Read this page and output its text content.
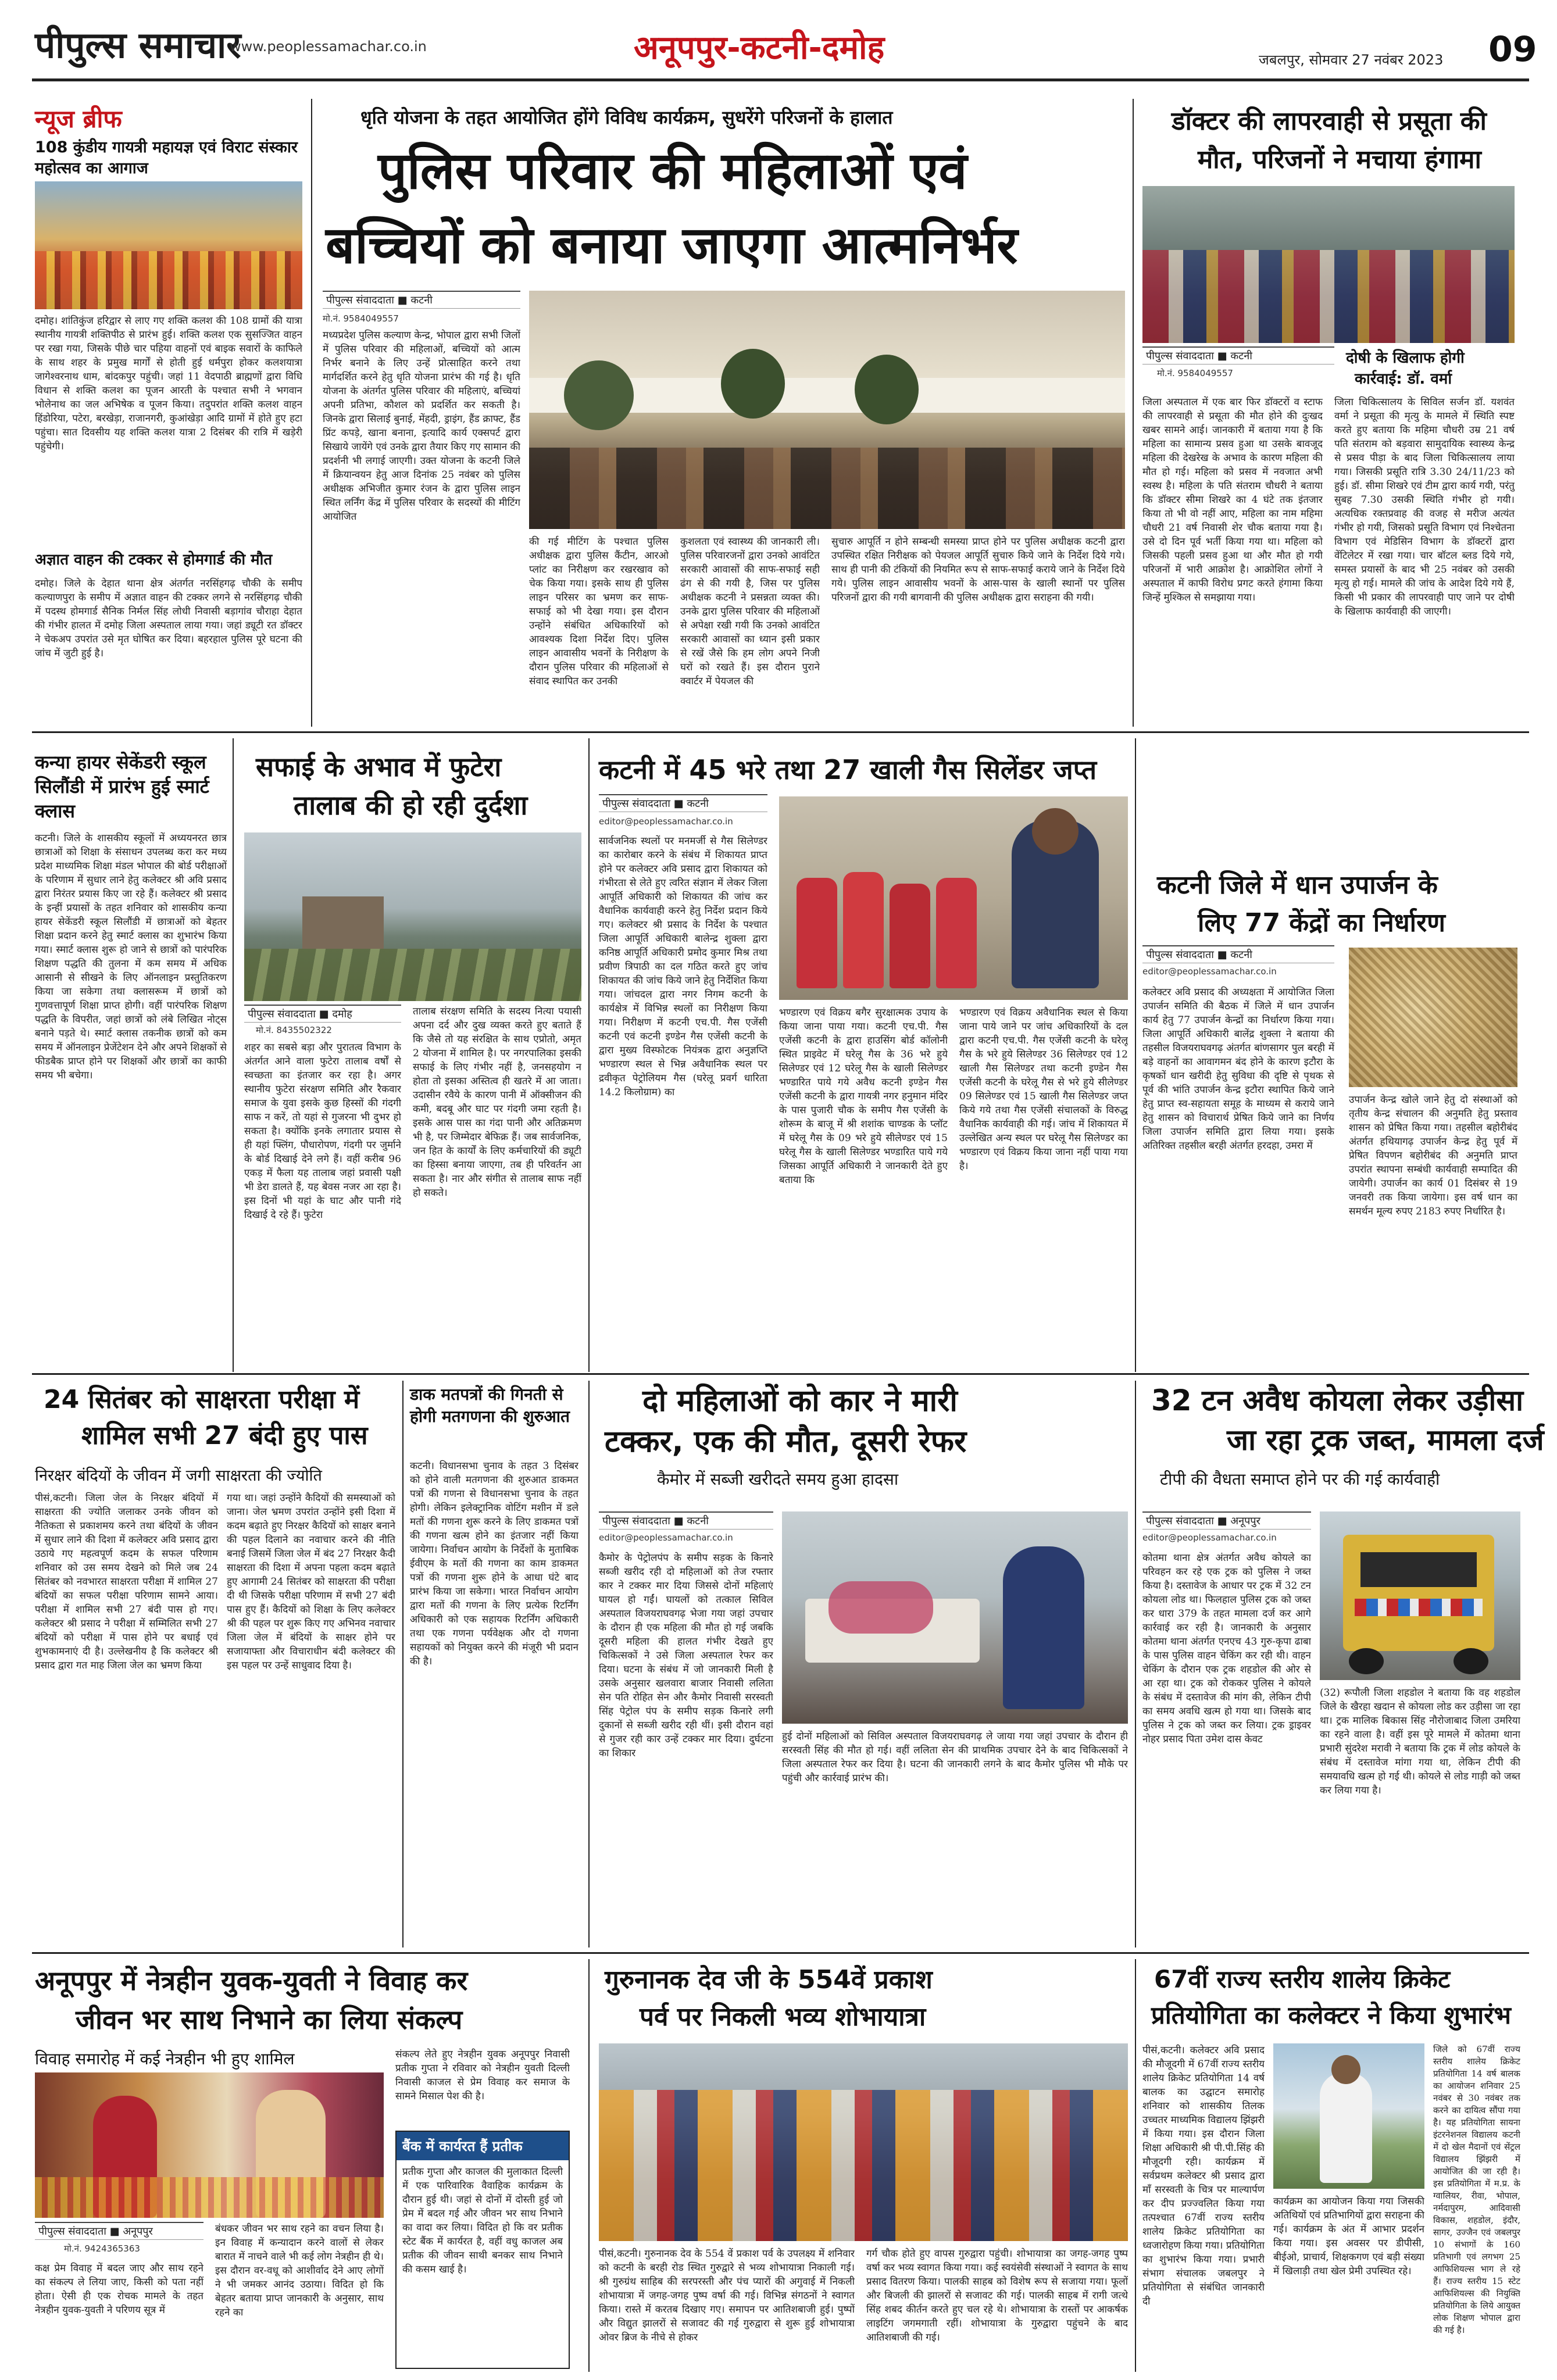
पीपुल्स समाचार
www.peoplessamachar.co.in	अनूपपुर-कटनी-दमोह	जबलपुर, सोमवार 27 नवंबर 2023 09
न्यूज ब्रीफ
108 कुंडीय गायत्री महायज्ञ एवं विराट संस्कार महोत्सव का आगाज
दमोह। शांतिकुंज हरिद्वार से लाए गए शक्ति कलश की 108 ग्रामों की यात्रा स्थानीय गायत्री शक्तिपीठ से प्रारंभ हुई। शक्ति कलश एक सुसज्जित वाहन पर रखा गया, जिसके पीछे चार पहिया वाहनों एवं बाइक सवारों के काफिले के साथ शहर के प्रमुख मार्गों से होती हुई धर्मपुरा होकर कलशयात्रा जागेश्वरनाथ धाम, बांदकपुर पहुंची। जहां 11 वेदपाठी ब्राह्मणों द्वारा विधि विधान से शक्ति कलश का पूजन आरती के पश्चात सभी ने भगवान भोलेनाथ का जल अभिषेक व पूजन किया। तदुपरांत शक्ति कलश वाहन हिंडोरिया, पटेरा, बरखेड़ा, राजानगरी, कुआंखेड़ा आदि ग्रामों में होते हुए हटा पहुंचा। सात दिवसीय यह शक्ति कलश यात्रा 2 दिसंबर की रात्रि में खड़ेरी पहुंचेगी।
अज्ञात वाहन की टक्कर से होमगार्ड की मौत
दमोह। जिले के देहात थाना क्षेत्र अंतर्गत नरसिंहगढ़ चौकी के समीप कल्याणपुरा के समीप में अज्ञात वाहन की टक्कर लगने से नरसिंहगढ़ चौकी में पदस्थ होमगार्ड सैनिक निर्मल सिंह लोधी निवासी बड़ागांव चौराहा देहात की गंभीर हालत में दमोह जिला अस्पताल लाया गया। जहां ड्यूटी रत डॉक्टर ने चेकअप उपरांत उसे मृत घोषित कर दिया। बहरहाल पुलिस पूरे घटना की जांच में जुटी हुई है।
धृति योजना के तहत आयोजित होंगे विविध कार्यक्रम, सुधरेंगे परिजनों के हालात
पुलिस परिवार की महिलाओं एवं
बच्चियों को बनाया जाएगा आत्मनिर्भर
पीपुल्स संवाददाता ■ कटनी
मो.नं. 9584049557
मध्यप्रदेश पुलिस कल्याण केन्द्र, भोपाल द्वारा सभी जिलों में पुलिस परिवार की महिलाओं, बच्चियों को आत्म निर्भर बनाने के लिए उन्हें प्रोत्साहित करने तथा मार्गदर्शित करने हेतु धृति योजना प्रारंभ की गई है। धृति योजना के अंतर्गत पुलिस परिवार की महिलाएं, बच्चियां अपनी प्रतिभा, कौशल को प्रदर्शित कर सकती है। जिनके द्वारा सिलाई बुनाई, मेंहदी, ड्राइंग, हैंड क्राफ्ट, हैंड प्रिंट कपड़े, खाना बनाना, इत्यादि कार्य एक्सपर्ट द्वारा सिखाये जायेंगे एवं उनके द्वारा तैयार किए गए सामान की प्रदर्शनी भी लगाई जाएगी। उक्त योजना के कटनी जिले में क्रियान्वयन हेतु आज दिनांक 25 नवंबर को पुलिस अधीक्षक अभिजीत कुमार रंजन के द्वारा पुलिस लाइन स्थित लर्निंग केंद्र में पुलिस परिवार के सदस्यों की मीटिंग आयोजित
की गई मीटिंग के पश्चात पुलिस अधीक्षक द्वारा पुलिस कैंटीन, आरओ प्लांट का निरीक्षण कर रखरखाव को चेक किया गया। इसके साथ ही पुलिस लाइन परिसर का भ्रमण कर साफ-सफाई को भी देखा गया। इस दौरान उन्होंने संबंधित अधिकारियों को आवश्यक दिशा निर्देश दिए। पुलिस लाइन आवासीय भवनों के निरीक्षण के दौरान पुलिस परिवार की महिलाओं से संवाद स्थापित कर उनकी
कुशलता एवं स्वास्थ्य की जानकारी ली। पुलिस परिवारजनों द्वारा उनको आवंटित सरकारी आवासों की साफ-सफाई सही ढंग से की गयी है, जिस पर पुलिस अधीक्षक कटनी ने प्रसन्नता व्यक्त की। उनके द्वारा पुलिस परिवार की महिलाओं से अपेक्षा रखी गयी कि उनको आवंटित सरकारी आवासों का ध्यान इसी प्रकार से रखें जैसे कि हम लोग अपने निजी घरों को रखते हैं। इस दौरान पुराने क्वार्टर में पेयजल की
सुचारु आपूर्ति न होने सम्बन्धी समस्या प्राप्त होने पर पुलिस अधीक्षक कटनी द्वारा उपस्थित रक्षित निरीक्षक को पेयजल आपूर्ति सुचारु किये जाने के निर्देश दिये गये। साथ ही पानी की टंकियों की नियमित रूप से साफ-सफाई कराये जाने के निर्देश दिये गये। पुलिस लाइन आवासीय भवनों के आस-पास के खाली स्थानों पर पुलिस परिजनों द्वारा की गयी बागवानी की पुलिस अधीक्षक द्वारा सराहना की गयी।
डॉक्टर की लापरवाही से प्रसूता की
मौत, परिजनों ने मचाया हंगामा
पीपुल्स संवाददाता ■ कटनी
मो.नं. 9584049557
दोषी के खिलाफ होगी
कार्रवाई: डॉ. वर्मा
जिला अस्पताल में एक बार फिर डॉक्टरों व स्टाफ की लापरवाही से प्रसूता की मौत होने की दुःखद खबर सामने आई। जानकारी में बताया गया है कि महिला का सामान्य प्रसव हुआ था उसके बावजूद महिला की देखरेख के अभाव के कारण महिला की मौत हो गई। महिला को प्रसव में नवजात अभी स्वस्थ है। महिला के पति संतराम चौधरी ने बताया कि डॉक्टर सीमा शिखरे का 4 घंटे तक इंतजार किया तो भी वो नहीं आए, महिला का नाम महिमा चौधरी 21 वर्ष निवासी शेर चौक बताया गया है। उसे दो दिन पूर्व भर्ती किया गया था। महिला को जिसकी पहली प्रसव हुआ था और मौत हो गयी परिजनों में भारी आक्रोश है। आक्रोशित लोगों ने अस्पताल में काफी विरोध प्रगट करते हंगामा किया जिन्हें मुश्किल से समझाया गया।
जिला चिकित्सालय के सिविल सर्जन डॉ. यशवंत वर्मा ने प्रसूता की मृत्यु के मामले में स्थिति स्पष्ट करते हुए बताया कि महिमा चौधरी उम्र 21 वर्ष पति संतराम को बड़वारा सामुदायिक स्वास्थ्य केन्द्र से प्रसव पीड़ा के बाद जिला चिकित्सालय लाया गया। जिसकी प्रसूति रात्रि 3.30 24/11/23 को हुई। डॉ. सीमा शिखरे एवं टीम द्वारा कार्य गयी, परंतु सुबह 7.30 उसकी स्थिति गंभीर हो गयी। अत्यधिक रक्तप्रवाह की वजह से मरीज अत्यंत गंभीर हो गयी, जिसको प्रसूति विभाग एवं निश्चेतना विभाग एवं मेडिसिन विभाग के डॉक्टरों द्वारा वेंटिलेटर में रखा गया। चार बॉटल ब्लड दिये गये, समस्त प्रयासों के बाद भी 25 नवंबर को उसकी मृत्यु हो गई। मामले की जांच के आदेश दिये गये हैं, किसी भी प्रकार की लापरवाही पाए जाने पर दोषी के खिलाफ कार्यवाही की जाएगी।
कन्या हायर सेकेंडरी स्कूल सिलौंडी में प्रारंभ हुई स्मार्ट क्लास
कटनी। जिले के शासकीय स्कूलों में अध्ययनरत छात्र छात्राओं को शिक्षा के संसाधन उपलब्ध करा कर मध्य प्रदेश माध्यमिक शिक्षा मंडल भोपाल की बोर्ड परीक्षाओं के परिणाम में सुधार लाने हेतु कलेक्टर श्री अवि प्रसाद द्वारा निरंतर प्रयास किए जा रहे हैं। कलेक्टर श्री प्रसाद के इन्हीं प्रयासों के तहत शनिवार को शासकीय कन्या हायर सेकेंडरी स्कूल सिलौंडी में छात्राओं को बेहतर शिक्षा प्रदान करने हेतु स्मार्ट क्लास का शुभारंभ किया गया। स्मार्ट क्लास शुरू हो जाने से छात्रों को पारंपरिक शिक्षण पद्धति की तुलना में कम समय में अधिक आसानी से सीखने के लिए ऑनलाइन प्रस्तुतिकरण किया जा सकेगा तथा क्लासरूम में छात्रों को गुणवत्तापूर्ण शिक्षा प्राप्त होगी। वहीं पारंपरिक शिक्षण पद्धति के विपरीत, जहां छात्रों को लंबे लिखित नोट्स बनाने पड़ते थे। स्मार्ट क्लास तकनीक छात्रों को कम समय में ऑनलाइन प्रेजेंटेशन देने और अपने शिक्षकों से फीडबैक प्राप्त होने पर शिक्षकों और छात्रों का काफी समय भी बचेगा।
सफाई के अभाव में फुटेरा
तालाब की हो रही दुर्दशा
पीपुल्स संवाददाता ■ दमोह
मो.नं. 8435502322
शहर का सबसे बड़ा और पुरातत्व विभाग के अंतर्गत आने वाला फुटेरा तालाब वर्षों से स्वच्छता का इंतजार कर रहा है। अगर स्थानीय फुटेरा संरक्षण समिति और रैकवार समाज के युवा इसके कुछ हिस्सों की गंदगी साफ न करें, तो यहां से गुजरना भी दुभर हो सकता है। क्योंकि इनके लगातार प्रयास से ही यहां फ्लिंग, पौधारोपण, गंदगी पर जुर्माने के बोर्ड दिखाई देने लगे हैं। वहीं करीब 96 एकड़ में फैला यह तालाब जहां प्रवासी पक्षी भी डेरा डालते हैं, यह बेवस नजर आ रहा है। इस दिनों भी यहां के घाट और पानी गंदे दिखाई दे रहे हैं। फुटेरा
तालाब संरक्षण समिति के सदस्य नित्या पयासी अपना दर्द और दुख व्यक्त करते हुए बताते हैं कि जैसे तो यह संरक्षित के साथ एप्रोतो, अमृत 2 योजना में शामिल है। पर नगरपालिका इसकी सफाई के लिए गंभीर नहीं है, जनसहयोग न होता तो इसका अस्तित्व ही खतरे में आ जाता। उदासीन रवैये के कारण पानी में ऑक्सीजन की कमी, बदबू और घाट पर गंदगी जमा रहती है। इसके आस पास का गंदा पानी और अतिक्रमण भी है, पर जिम्मेदार बेफिक्र हैं। जब सार्वजनिक, जन हित के कार्यों के लिए कर्मचारियों की ड्यूटी का हिस्सा बनाया जाएगा, तब ही परिवर्तन आ सकता है। नार और संगीत से तालाब साफ नहीं हो सकते।
कटनी में 45 भरे तथा 27 खाली गैस सिलेंडर जप्त
पीपुल्स संवाददाता ■ कटनी
editor@peoplessamachar.co.in
सार्वजनिक स्थलों पर मनमर्जी से गैस सिलेण्डर का कारोबार करने के संबंध में शिकायत प्राप्त होने पर कलेक्टर अवि प्रसाद द्वारा शिकायत को गंभीरता से लेते हुए त्वरित संज्ञान में लेकर जिला आपूर्ति अधिकारी को शिकायत की जांच कर वैधानिक कार्यवाही करने हेतु निर्देश प्रदान किये गए। कलेक्टर श्री प्रसाद के निर्देश के पश्चात जिला आपूर्ति अधिकारी बालेन्द्र शुक्ला द्वारा कनिष्ठ आपूर्ति अधिकारी प्रमोद कुमार मिश्र तथा प्रवीण त्रिपाठी का दल गठित करते हुए जांच शिकायत की जांच किये जाने हेतु निर्देशित किया गया। जांचदल द्वारा नगर निगम कटनी के कार्यक्षेत्र में विभिन्न स्थलों का निरीक्षण किया गया। निरीक्षण में कटनी एच.पी. गैस एजेंसी कटनी एवं कटनी इण्डेन गैस एजेंसी कटनी के द्वारा मुख्य विस्फोटक नियंत्रक द्वारा अनुज्ञप्ति भण्डारण स्थल से भिन्न अवैधानिक स्थल पर द्रवीकृत पेट्रोलियम गैस (घरेलू प्रवर्ग धारिता 14.2 किलोग्राम) का
भण्डारण एवं विक्रय बगैर सुरक्षात्मक उपाय के किया जाना पाया गया। कटनी एच.पी. गैस एजेंसी कटनी के द्वारा हाउसिंग बोर्ड कॉलोनी स्थित प्राइवेट में घरेलू गैस के 36 भरे हुये सिलेण्डर एवं 12 घरेलू गैस के खाली सिलेण्डर भण्डारित पाये गये अवैध कटनी इण्डेन गैस एजेंसी कटनी के द्वारा गायत्री नगर हनुमान मंदिर के पास पुजारी चौक के समीप गैस एजेंसी के शोरूम के बाजू में श्री शशांक चाण्डक के प्लॉट में घरेलू गैस के 09 भरे हुये सीलेण्डर एवं 15 घरेलू गैस के खाली सिलेण्डर भण्डारित पाये गये जिसका आपूर्ति अधिकारी ने जानकारी देते हुए बताया कि
भण्डारण एवं विक्रय अवैधानिक स्थल से किया जाना पाये जाने पर जांच अधिकारियों के दल द्वारा कटनी एच.पी. गैस एजेंसी कटनी के घरेलू गैस के भरे हुये सिलेण्डर 36 सिलेण्डर एवं 12 खाली गैस सिलेण्डर तथा कटनी इण्डेन गैस एजेंसी कटनी के घरेलू गैस से भरे हुये सीलेण्डर 09 सिलेण्डर एवं 15 खाली गैस सिलेण्डर जप्त किये गये तथा गैस एजेंसी संचालकों के विरुद्ध वैधानिक कार्यवाही की गई। जांच में शिकायत में उल्लेखित अन्य स्थल पर घरेलू गैस सिलेण्डर का भण्डारण एवं विक्रय किया जाना नहीं पाया गया है।
कटनी जिले में धान उपार्जन के
लिए 77 केंद्रों का निर्धारण
पीपुल्स संवाददाता ■ कटनी
editor@peoplessamachar.co.in
कलेक्टर अवि प्रसाद की अध्यक्षता में आयोजित जिला उपार्जन समिति की बैठक में जिले में धान उपार्जन कार्य हेतु 77 उपार्जन केन्द्रों का निर्धारण किया गया। जिला आपूर्ति अधिकारी बालेंद्र शुक्ला ने बताया की तहसील विजयराघवगढ़ अंतर्गत बांणसागर पुल बरही में बड़े वाहनों का आवागमन बंद होने के कारण इटौरा के कृषकों धान खरीदी हेतु सुविधा की दृष्टि से पृथक से पूर्व की भांति उपार्जन केन्द्र इटौरा स्थापित किये जाने हेतु प्राप्त स्व-सहायता समूह के माध्यम से कराये जाने हेतु शासन को विचारार्थ प्रेषित किये जाने का निर्णय जिला उपार्जन समिति द्वारा लिया गया। इसके अतिरिक्त तहसील बरही अंतर्गत हरदहा, उमरा में
उपार्जन केन्द्र खोले जाने हेतु दो संस्थाओं को तृतीय केन्द्र संचालन की अनुमति हेतु प्रस्ताव शासन को प्रेषित किया गया। तहसील बहोरीबंद अंतर्गत हथियागढ़ उपार्जन केन्द्र हेतु पूर्व में प्रेषित विपणन बहोरीबंद की अनुमति प्राप्त उपरांत स्थापना सम्बंधी कार्यवाही सम्पादित की जायेगी। उपार्जन का कार्य 01 दिसंबर से 19 जनवरी तक किया जायेगा। इस वर्ष धान का समर्थन मूल्य रुपए 2183 रुपए निर्धारित है।
24 सितंबर को साक्षरता परीक्षा में
शामिल सभी 27 बंदी हुए पास
निरक्षर बंदियों के जीवन में जगी साक्षरता की ज्योति
पीसं,कटनी। जिला जेल के निरक्षर बंदियों में साक्षरता की ज्योति जलाकर उनके जीवन को नैतिकता से प्रकाशमय करने तथा बंदियों के जीवन में सुधार लाने की दिशा में कलेक्टर अवि प्रसाद द्वारा उठाये गए महत्वपूर्ण कदम के सफल परिणाम शनिवार को उस समय देखने को मिले जब 24 सितंबर को नवभारत साक्षरता परीक्षा में शामिल 27 बंदियों का सफल परीक्षा परिणाम सामने आया। परीक्षा में शामिल सभी 27 बंदी पास हो गए। कलेक्टर श्री प्रसाद ने परीक्षा में सम्मिलित सभी 27 बंदियों को परीक्षा में पास होने पर बधाई एवं शुभकामनाएं दी है। उल्लेखनीय है कि कलेक्टर श्री प्रसाद द्वारा गत माह जिला जेल का भ्रमण किया
गया था। जहां उन्होंने कैदियों की समस्याओं को जाना। जेल भ्रमण उपरांत उन्होंने इसी दिशा में कदम बढ़ाते हुए निरक्षर कैदियों को साक्षर बनाने की पहल दिलाने का नवाचार करने की नीति बनाई जिसमें जिला जेल में बंद 27 निरक्षर कैदी साक्षरता की दिशा में अपना पहला कदम बढ़ाते हुए आगामी 24 सितंबर को साक्षरता की परीक्षा दी थी जिसके परीक्षा परिणाम में सभी 27 बंदी पास हुए हैं। कैदियों को शिक्षा के लिए कलेक्टर श्री की पहल पर शुरू किए गए अभिनव नवाचार जिला जेल में बंदियों के साक्षर होने पर सजायाफ्ता और विचाराधीन बंदी कलेक्टर की इस पहल पर उन्हें साधुवाद दिया है।
डाक मतपत्रों की गिनती से होगी मतगणना की शुरुआत
कटनी। विधानसभा चुनाव के तहत 3 दिसंबर को होने वाली मतगणना की शुरुआत डाकमत पत्रों की गणना से विधानसभा चुनाव के तहत होगी। लेकिन इलेक्ट्रानिक वोटिंग मशीन में डले मतों की गणना शुरू करने के लिए डाकमत पत्रों की गणना खत्म होने का इंतजार नहीं किया जायेगा। निर्वाचन आयोग के निर्देशों के मुताबिक ईवीएम के मतों की गणना का काम डाकमत पत्रों की गणना शुरू होने के आधा घंटे बाद प्रारंभ किया जा सकेगा। भारत निर्वाचन आयोग द्वारा मतों की गणना के लिए प्रत्येक रिटर्निंग अधिकारी को एक सहायक रिटर्निंग अधिकारी तथा एक गणना पर्यवेक्षक और दो गणना सहायकों को नियुक्त करने की मंजूरी भी प्रदान की है।
दो महिलाओं को कार ने मारी
टक्कर, एक की मौत, दूसरी रेफर
कैमोर में सब्जी खरीदते समय हुआ हादसा
पीपुल्स संवाददाता ■ कटनी
editor@peoplessamachar.co.in
कैमोर के पेट्रोलपंप के समीप सड़क के किनारे सब्जी खरीद रही दो महिलाओं को तेज रफ्तार कार ने टक्कर मार दिया जिससे दोनों महिलाएं घायल हो गईं। घायलों को तत्काल सिविल अस्पताल विजयराघवगढ़ भेजा गया जहां उपचार के दौरान ही एक महिला की मौत हो गई जबकि दूसरी महिला की हालत गंभीर देखते हुए चिकित्सकों ने उसे जिला अस्पताल रेफर कर दिया। घटना के संबंध में जो जानकारी मिली है उसके अनुसार खलवारा बाजार निवासी ललिता सेन पति रोहित सेन और कैमोर निवासी सरस्वती सिंह पेट्रोल पंप के समीप सड़क किनारे लगी दुकानों से सब्जी खरीद रही थीं। इसी दौरान वहां से गुजर रही कार उन्हें टक्कर मार दिया। दुर्घटना का शिकार
हुई दोनों महिलाओं को सिविल अस्पताल विजयराघवगढ़ ले जाया गया जहां उपचार के दौरान ही सरस्वती सिंह की मौत हो गई। वहीं ललिता सेन की प्राथमिक उपचार देने के बाद चिकित्सकों ने जिला अस्पताल रेफर कर दिया है। घटना की जानकारी लगने के बाद कैमोर पुलिस भी मौके पर पहुंची और कार्रवाई प्रारंभ की।
32 टन अवैध कोयला लेकर उड़ीसा
जा रहा ट्रक जब्त, मामला दर्ज
टीपी की वैधता समाप्त होने पर की गई कार्यवाही
पीपुल्स संवाददाता ■ अनूपपुर
editor@peoplessamachar.co.in
कोतमा थाना क्षेत्र अंतर्गत अवैध कोयले का परिवहन कर रहे एक ट्रक को पुलिस ने जब्त किया है। दस्तावेज के आधार पर ट्रक में 32 टन कोयला लोड था। फिलहाल पुलिस ट्रक को जब्त कर धारा 379 के तहत मामला दर्ज कर आगे कार्रवाई कर रही है। जानकारी के अनुसार कोतमा थाना अंतर्गत एनएच 43 गुरु-कृपा ढाबा के पास पुलिस वाहन चेकिंग कर रही थी। वाहन चेकिंग के दौरान एक ट्रक शहडोल की ओर से आ रहा था। ट्रक को रोककर पुलिस ने कोयले के संबंध में दस्तावेज की मांग की, लेकिन टीपी का समय अवधि खत्म हो गया था। जिसके बाद पुलिस ने ट्रक को जब्त कर लिया। ट्रक ड्राइवर नोहर प्रसाद पिता उमेश दास केवट
(32) रूपौली जिला शहडोल ने बताया कि वह शहडोल जिले के खैरहा खदान से कोयला लोड कर उड़ीसा जा रहा था। ट्रक मालिक बिकास सिंह नौरोजाबाद जिला उमरिया का रहने वाला है। वहीं इस पूरे मामले में कोतमा थाना प्रभारी सुंदरेश मरावी ने बताया कि ट्रक में लोड कोयले के संबंध में दस्तावेज मांगा गया था, लेकिन टीपी की समयावधि खत्म हो गई थी। कोयले से लोड गाड़ी को जब्त कर लिया गया है।
अनूपपुर में नेत्रहीन युवक-युवती ने विवाह कर
जीवन भर साथ निभाने का लिया संकल्प
विवाह समारोह में कई नेत्रहीन भी हुए शामिल
पीपुल्स संवाददाता ■ अनूपपुर
मो.नं. 9424365363
कक्ष प्रेम विवाह में बदल जाए और साथ रहने का संकल्प ले लिया जाए, किसी को पता नहीं होता। ऐसी ही एक रोचक मामले के तहत नेत्रहीन युवक-युवती ने परिणय सूत्र में
बंधकर जीवन भर साथ रहने का वचन लिया है। इन विवाह में कन्यादान करने वालों से लेकर बारात में नाचने वाले भी कई लोग नेत्रहीन ही थे। इस दौरान वर-वधू को आशीर्वाद देने आए लोगों ने भी जमकर आनंद उठाया। विदित हो कि बेहतर बताया प्राप्त जानकारी के अनुसार, साथ रहने का
संकल्प लेते हुए नेत्रहीन युवक अनूपपुर निवासी प्रतीक गुप्ता ने रविवार को नेत्रहीन युवती दिल्ली निवासी काजल से प्रेम विवाह कर समाज के सामने मिसाल पेश की है।
बैंक में कार्यरत हैं प्रतीक
प्रतीक गुप्ता और काजल की मुलाकात दिल्ली में एक पारिवारिक वैवाहिक कार्यक्रम के दौरान हुई थी। जहां से दोनों में दोस्ती हुई जो प्रेम में बदल गई और जीवन भर साथ निभाने का वादा कर लिया। विदित हो कि वर प्रतीक स्टेट बैंक में कार्यरत है, वहीं वधु काजल अब प्रतीक की जीवन साथी बनकर साथ निभाने की कसम खाई है।
गुरुनानक देव जी के 554वें प्रकाश
पर्व पर निकली भव्य शोभायात्रा
पीसं,कटनी। गुरुनानक देव के 554 वें प्रकाश पर्व के उपलक्ष्य में शनिवार को कटनी के बरही रोड स्थित गुरुद्वारे से भव्य शोभायात्रा निकाली गई। श्री गुरुग्रंथ साहिब की सरपरस्ती और पंच प्यारों की अगुवाई में निकली शोभायात्रा में जगह-जगह पुष्प वर्षा की गई। विभिन्न संगठनों ने स्वागत किया। रास्ते में करतब दिखाए गए। समापन पर आतिशबाजी हुई। पुष्पों और विद्युत झालरों से सजावट की गई गुरुद्वारा से शुरू हुई शोभायात्रा ओवर ब्रिज के नीचे से होकर
गर्ग चौक होते हुए वापस गुरुद्वारा पहुंची। शोभायात्रा का जगह-जगह पुष्प वर्षा कर भव्य स्वागत किया गया। कई स्वयंसेवी संस्थाओं ने स्वागत के साथ प्रसाद वितरण किया। पालकी साहब को विशेष रूप से सजाया गया। फूलों और बिजली की झालरों से सजावट की गई। पालकी साहब में रागी जत्थे सिंह शबद कीर्तन करते हुए चल रहे थे। शोभायात्रा के रास्तों पर आकर्षक लाइटिंग जगमगाती रहीं। शोभायात्रा के गुरुद्वारा पहुंचने के बाद आतिशबाजी की गई।
67वीं राज्य स्तरीय शालेय क्रिकेट
प्रतियोगिता का कलेक्टर ने किया शुभारंभ
पीसं,कटनी। कलेक्टर अवि प्रसाद की मौजूदगी में 67वीं राज्य स्तरीय शालेय क्रिकेट प्रतियोगिता 14 वर्ष बालक का उद्घाटन समारोह शनिवार को शासकीय तिलक उच्चतर माध्यमिक विद्यालय झिंझरी में किया गया। इस दौरान जिला शिक्षा अधिकारी श्री पी.पी.सिंह की मौजूदगी रही। कार्यक्रम में सर्वप्रथम कलेक्टर श्री प्रसाद द्वारा माँ सरस्वती के चित्र पर माल्यार्पण कर दीप प्रज्ज्वलित किया गया तत्पश्चात 67वीं राज्य स्तरीय शालेय क्रिकेट प्रतियोगिता का ध्वजारोहण किया गया। प्रतियोगिता का शुभारंभ किया गया। प्रभारी संभाग संचालक जबलपुर ने प्रतियोगिता से संबंधित जानकारी दी
कार्यक्रम का आयोजन किया गया जिसकी अतिथियों एवं प्रतिभागियों द्वारा सराहना की गई। कार्यक्रम के अंत में आभार प्रदर्शन किया गया। इस अवसर पर डीपीसी, बीईओ, प्राचार्य, शिक्षकगण एवं बड़ी संख्या में खिलाड़ी तथा खेल प्रेमी उपस्थित रहे।
जिले को 67वीं राज्य स्तरीय शालेय क्रिकेट प्रतियोगिता 14 वर्ष बालक का आयोजन शनिवार 25 नवंबर से 30 नवंबर तक करने का दायित्व सौंपा गया है। यह प्रतियोगिता सायना इंटरनेशनल विद्यालय कटनी में दो खेल मैदानों एवं सेंट्रल विद्यालय झिंझरी में आयोजित की जा रही है। इस प्रतियोगिता में म.प्र. के ग्वालियर, रीवा, भोपाल, नर्मदापुरम, आदिवासी विकास, शहडोल, इंदौर, सागर, उज्जैन एवं जबलपुर 10 संभागों के 160 प्रतिभागी एवं लगभग 25 आफिशियल्स भाग ले रहे हैं। राज्य स्तरीय 15 स्टेट आफिशियल्स की नियुक्ति प्रतियोगिता के लिये आयुक्त लोक शिक्षण भोपाल द्वारा की गई है।
